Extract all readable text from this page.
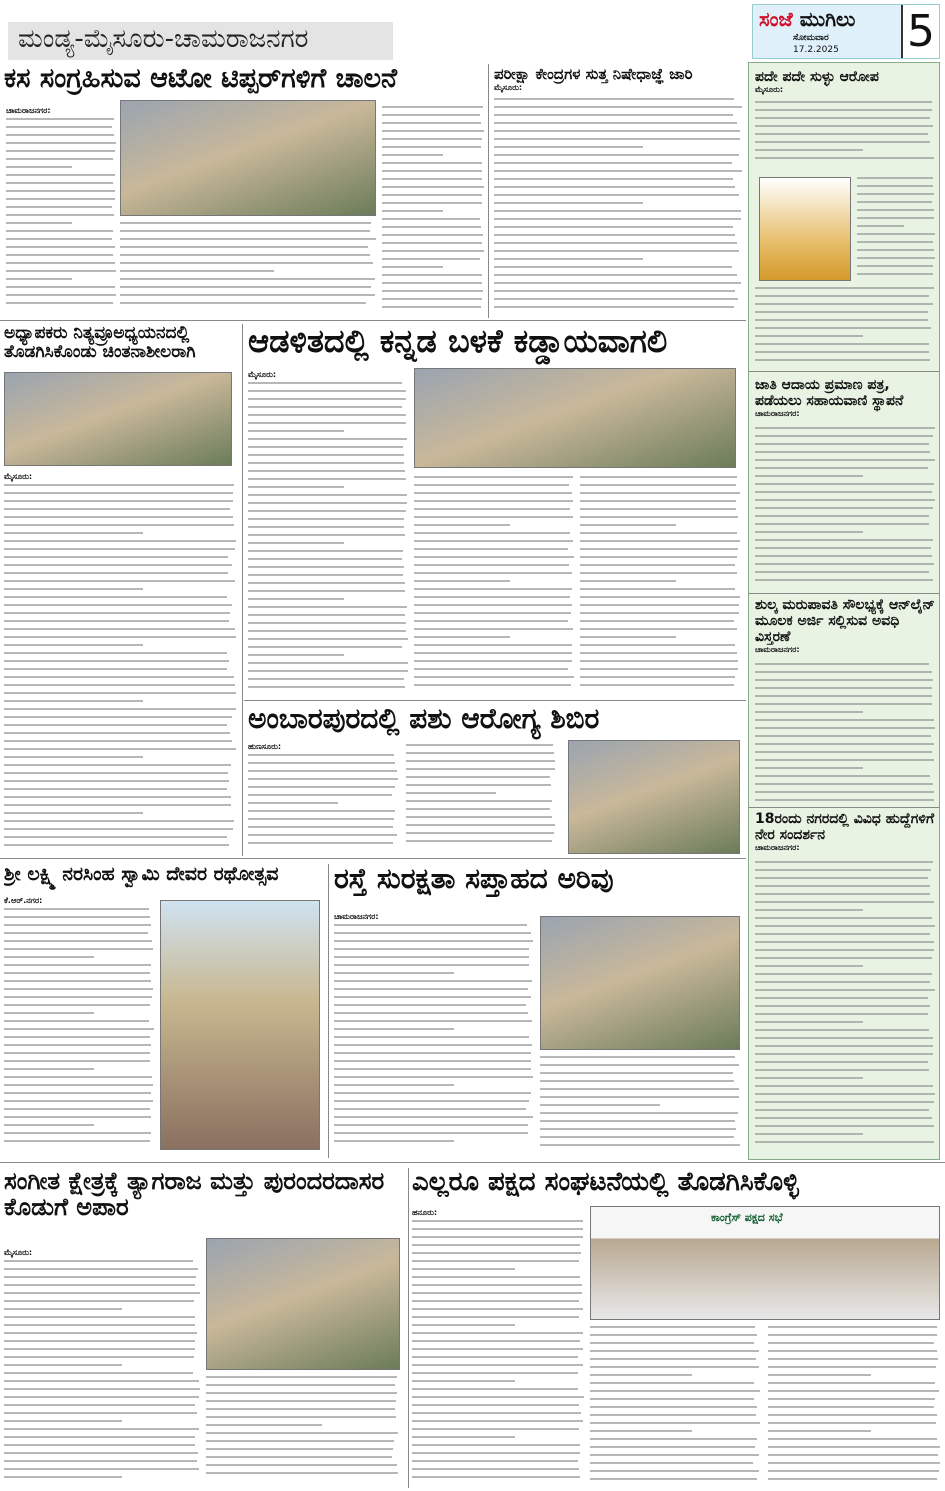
ಮಂಡ್ಯ-ಮೈಸೂರು-ಚಾಮರಾಜನಗರ
ಸಂಜೆ ಮುಗಿಲು
ಸೋಮವಾರ
17.2.2025 5
ಕಸ ಸಂಗ್ರಹಿಸುವ ಆಟೋ ಟಿಪ್ಪರ್‌ಗಳಿಗೆ ಚಾಲನೆ
ಚಾಮರಾಜನಗರ:
ಪರೀಕ್ಷಾ ಕೇಂದ್ರಗಳ ಸುತ್ತ ನಿಷೇಧಾಜ್ಞೆ ಜಾರಿ
ಮೈಸೂರು:
ಪದೇ ಪದೇ ಸುಳ್ಳು ಆರೋಪ
ಮೈಸೂರು:
ಜಾತಿ ಆದಾಯ ಪ್ರಮಾಣ ಪತ್ರ, ಪಡೆಯಲು ಸಹಾಯವಾಣಿ ಸ್ಥಾಪನೆ
ಚಾಮರಾಜನಗರ:
ಶುಲ್ಕ ಮರುಪಾವತಿ ಸೌಲಭ್ಯಕ್ಕೆ ಆನ್‌ಲೈನ್ ಮೂಲಕ ಅರ್ಜಿ ಸಲ್ಲಿಸುವ ಅವಧಿ ವಿಸ್ತರಣೆ
ಚಾಮರಾಜನಗರ:
18ರಂದು ನಗರದಲ್ಲಿ ವಿವಿಧ ಹುದ್ದೆಗಳಿಗೆ ನೇರ ಸಂದರ್ಶನ
ಚಾಮರಾಜನಗರ:
ಅಧ್ಯಾಪಕರು ನಿತ್ಯವ್ರೂಅಧ್ಯಯನದಲ್ಲಿ ತೊಡಗಿಸಿಕೊಂಡು ಚಿಂತನಾಶೀಲರಾಗಿ
ಮೈಸೂರು:
ಆಡಳಿತದಲ್ಲಿ ಕನ್ನಡ ಬಳಕೆ ಕಡ್ಡಾಯವಾಗಲಿ
ಮೈಸೂರು:
ಅಂಬಾರಪುರದಲ್ಲಿ ಪಶು ಆರೋಗ್ಯ ಶಿಬಿರ
ಹುಣಸೂರು:
ಶ್ರೀ ಲಕ್ಷ್ಮಿ ನರಸಿಂಹ ಸ್ವಾಮಿ ದೇವರ ರಥೋತ್ಸವ
ಕೆ.ಆರ್.ನಗರ:
ರಸ್ತೆ ಸುರಕ್ಷತಾ ಸಪ್ತಾಹದ ಅರಿವು
ಚಾಮರಾಜನಗರ:
ಸಂಗೀತ ಕ್ಷೇತ್ರಕ್ಕೆ ತ್ಯಾಗರಾಜ ಮತ್ತು ಪುರಂದರದಾಸರ ಕೊಡುಗೆ ಅಪಾರ
ಮೈಸೂರು:
ಎಲ್ಲರೂ ಪಕ್ಷದ ಸಂಘಟನೆಯಲ್ಲಿ ತೊಡಗಿಸಿಕೊಳ್ಳಿ
ಹನೂರು:	ಕಾಂಗ್ರೆಸ್ ಪಕ್ಷದ ಸಭೆ
